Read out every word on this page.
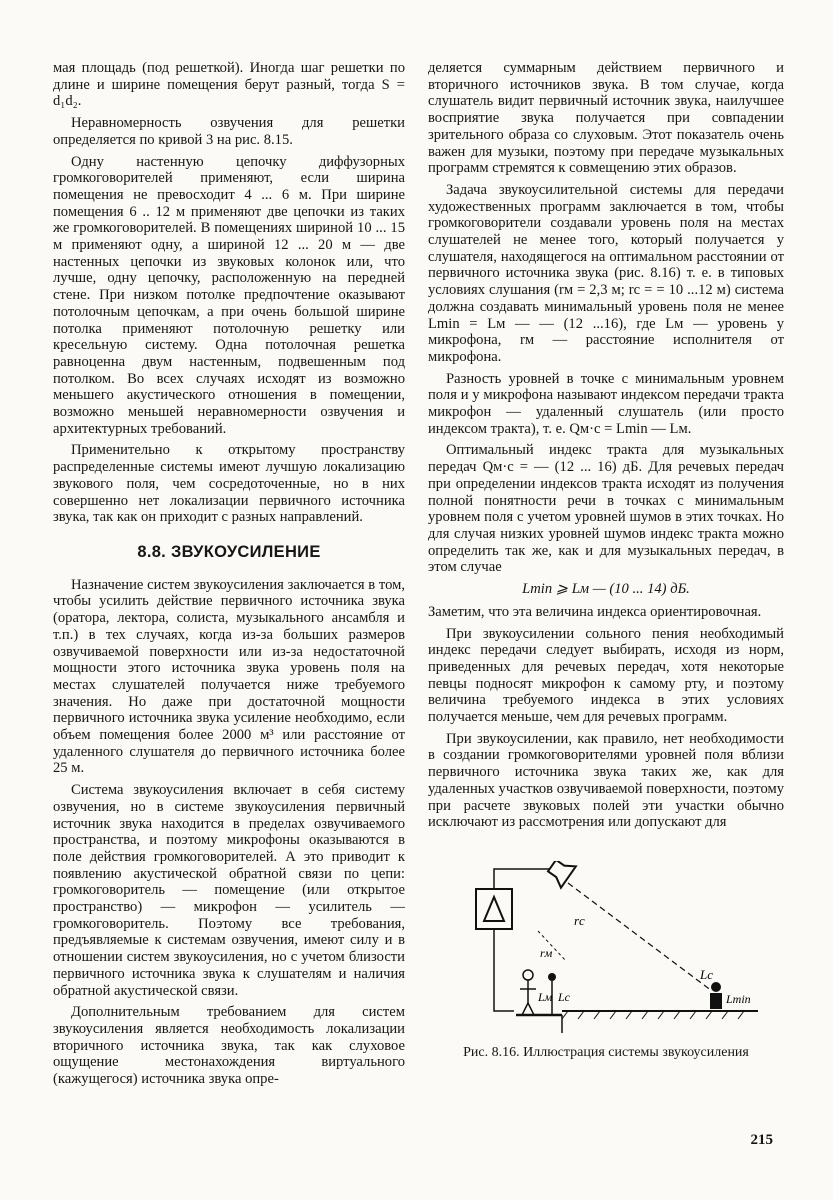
мая площадь (под решеткой). Иногда шаг решетки по длине и ширине помещения берут разный, тогда S = d₁d₂.

Неравномерность озвучения для решетки определяется по кривой 3 на рис. 8.15.

Одну настенную цепочку диффузорных громкоговорителей применяют, если ширина помещения не превосходит 4 ... 6 м. При ширине помещения 6 .. 12 м применяют две цепочки из таких же громкоговорителей. В помещениях шириной 10 ... 15 м применяют одну, а шириной 12 ... 20 м — две настенных цепочки из звуковых колонок или, что лучше, одну цепочку, расположенную на передней стене. При низком потолке предпочтение оказывают потолочным цепочкам, а при очень большой ширине потолка применяют потолочную решетку или кресельную систему. Одна потолочная решетка равноценна двум настенным, подвешенным под потолком. Во всех случаях исходят из возможно меньшего акустического отношения в помещении, возможно меньшей неравномерности озвучения и архитектурных требований.

Применительно к открытому пространству распределенные системы имеют лучшую локализацию звукового поля, чем сосредоточенные, но в них совершенно нет локализации первичного источника звука, так как он приходит с разных направлений.

8.8. ЗВУКОУСИЛЕНИЕ

Назначение систем звукоусиления заключается в том, чтобы усилить действие первичного источника звука (оратора, лектора, солиста, музыкального ансамбля и т.п.) в тех случаях, когда из-за больших размеров озвучиваемой поверхности или из-за недостаточной мощности этого источника звука уровень поля на местах слушателей получается ниже требуемого значения. Но даже при достаточной мощности первичного источника звука усиление необходимо, если объем помещения более 2000 м³ или расстояние от удаленного слушателя до первичного источника более 25 м.

Система звукоусиления включает в себя систему озвучения, но в системе звукоусиления первичный источник звука находится в пределах озвучиваемого пространства, и поэтому микрофоны оказываются в поле действия громкоговорителей. А это приводит к появлению акустической обратной связи по цепи: громкоговоритель — помещение (или открытое пространство) — микрофон — усилитель — громкоговоритель. Поэтому все требования, предъявляемые к системам озвучения, имеют силу и в отношении систем звукоусиления, но с учетом близости первичного источника звука к слушателям и наличия обратной акустической связи.

Дополнительным требованием для систем звукоусиления является необходимость локализации вторичного источника звука, так как слуховое ощущение местонахождения виртуального (кажущегося) источника звука опре-

деляется суммарным действием первичного и вторичного источников звука. В том случае, когда слушатель видит первичный источник звука, наилучшее восприятие звука получается при совпадении зрительного образа со слуховым. Этот показатель очень важен для музыки, поэтому при передаче музыкальных программ стремятся к совмещению этих образов.

Задача звукоусилительной системы для передачи художественных программ заключается в том, чтобы громкоговорители создавали уровень поля на местах слушателей не менее того, который получается у слушателя, находящегося на оптимальном расстоянии от первичного источника звука (рис. 8.16) т. е. в типовых условиях слушания (rм = 2,3 м; rс = = 10 ...12 м) система должна создавать минимальный уровень поля не менее Lmin = Lм — — (12 ...16), где Lм — уровень у микрофона, rм — расстояние исполнителя от микрофона.

Разность уровней в точке с минимальным уровнем поля и у микрофона называют индексом передачи тракта микрофон — удаленный слушатель (или просто индексом тракта), т. е. Qм·с = Lmin — Lм.

Оптимальный индекс тракта для музыкальных передач Qм·с = — (12 ... 16) дБ. Для речевых передач при определении индексов тракта исходят из получения полной понятности речи в точках с минимальным уровнем поля с учетом уровней шумов в этих точках. Но для случая низких уровней шумов индекс тракта можно определить так же, как и для музыкальных передач, в этом случае

Lmin ⩾ Lм — (10 ... 14) дБ.

Заметим, что эта величина индекса ориентировочная.

При звукоусилении сольного пения необходимый индекс передачи следует выбирать, исходя из норм, приведенных для речевых передач, хотя некоторые певцы подносят микрофон к самому рту, и поэтому величина требуемого индекса в этих условиях получается меньше, чем для речевых программ.

При звукоусилении, как правило, нет необходимости в создании громкоговорителями уровней поля вблизи первичного источника звука таких же, как для удаленных участков озвучиваемой поверхности, поэтому при расчете звуковых полей эти участки обычно исключают из рассмотрения или допускают для

rс
rм
Lм Lс
Lс
Lmin
Рис. 8.16. Иллюстрация системы звукоусиления
215
